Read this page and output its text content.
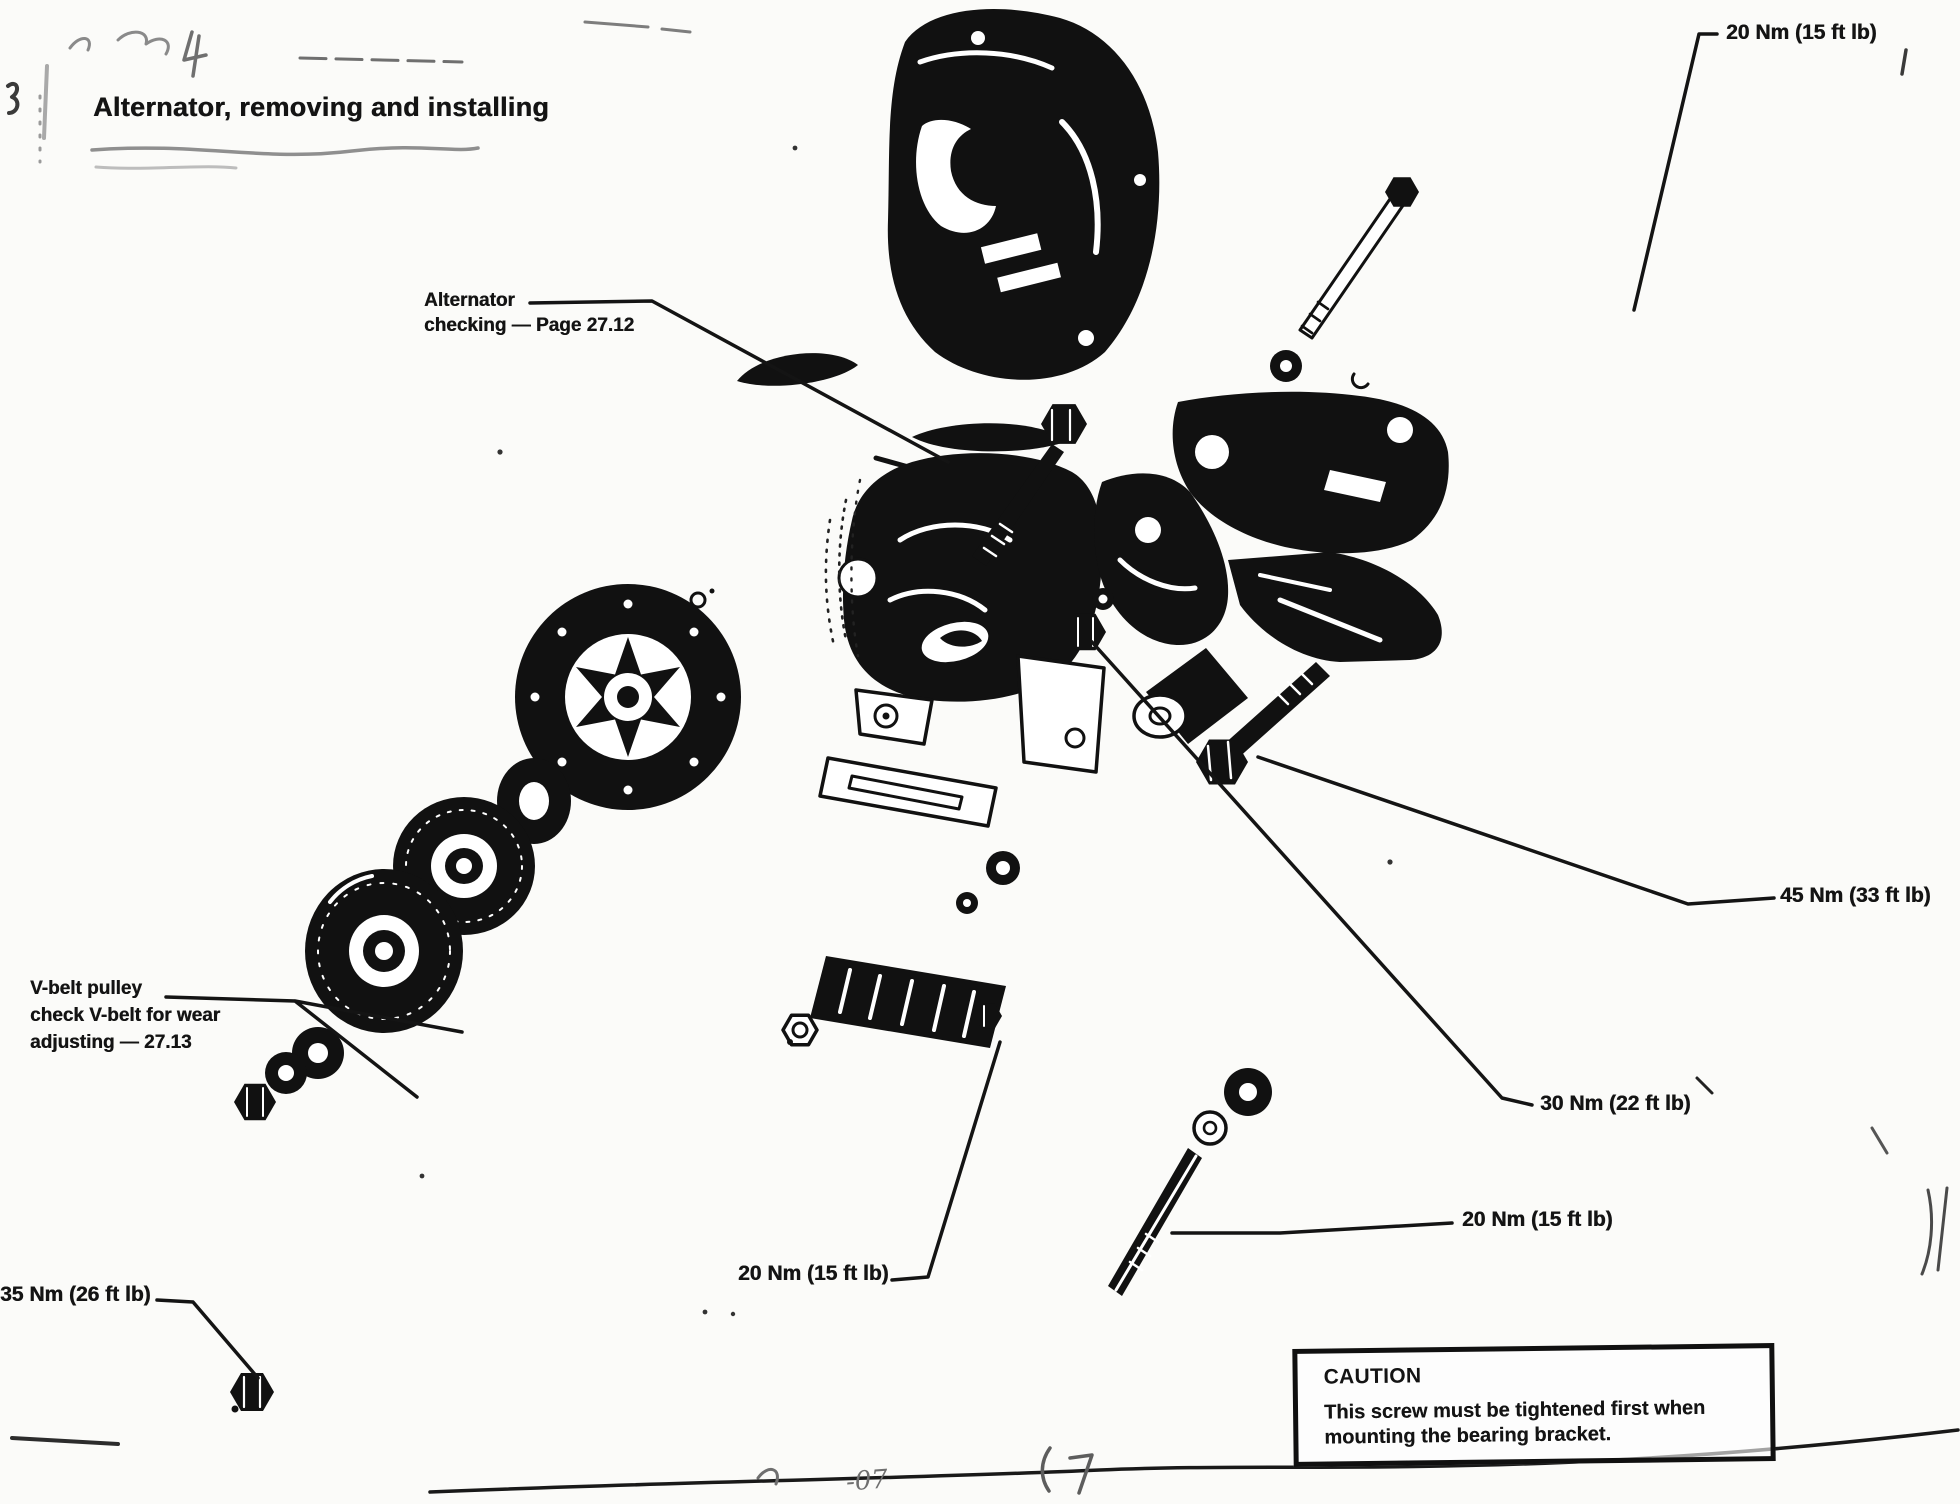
Alternator, removing and installing
Alternator
checking — Page 27.12
V-belt pulley
check V-belt for wear
adjusting — 27.13
20 Nm (15 ft lb)
45 Nm (33 ft lb)
30 Nm (22 ft lb)
20 Nm (15 ft lb)
20 Nm (15 ft lb)
35 Nm (26 ft lb)
CAUTION
This screw must be tightened first when
mounting the bearing bracket.
-07
